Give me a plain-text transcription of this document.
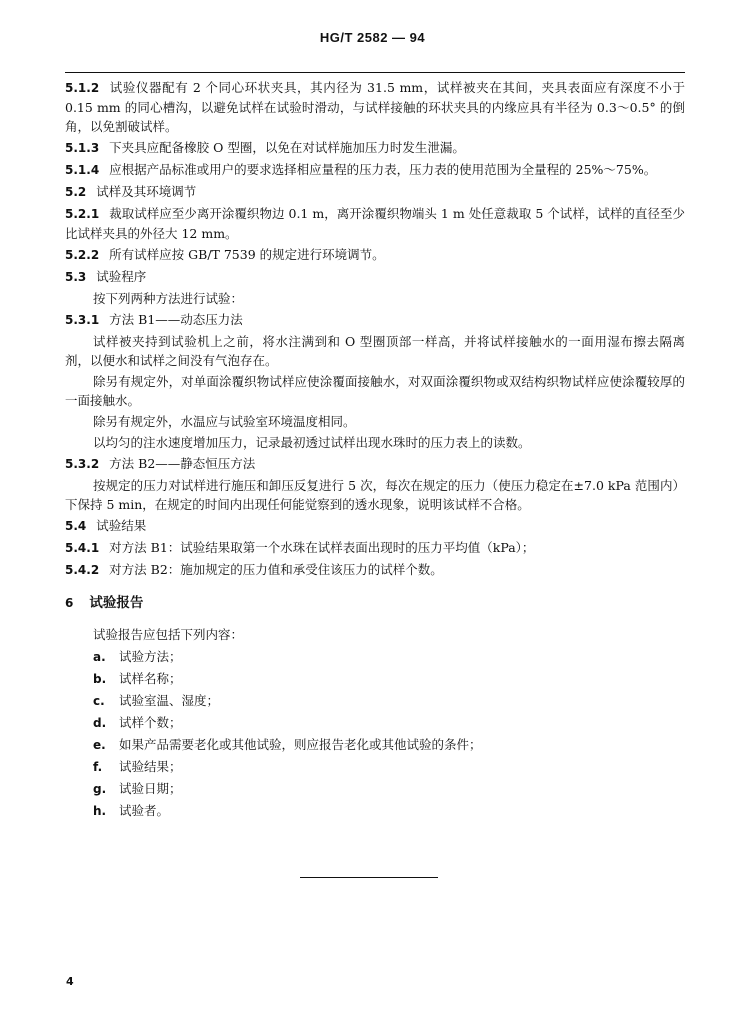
HG/T 2582 — 94

5.1.2 试验仪器配有 2 个同心环状夹具，其内径为 31.5 mm，试样被夹在其间，夹具表面应有深度不小于 0.15 mm 的同心槽沟，以避免试样在试验时滑动，与试样接触的环状夹具的内缘应具有半径为 0.3～0.5° 的倒角，以免割破试样。

5.1.3 下夹具应配备橡胶 O 型圈，以免在对试样施加压力时发生泄漏。

5.1.4 应根据产品标准或用户的要求选择相应量程的压力表，压力表的使用范围为全量程的 25%～75%。

5.2 试样及其环境调节

5.2.1 裁取试样应至少离开涂覆织物边 0.1 m，离开涂覆织物端头 1 m 处任意裁取 5 个试样，试样的直径至少比试样夹具的外径大 12 mm。

5.2.2 所有试样应按 GB/T 7539 的规定进行环境调节。

5.3 试验程序

按下列两种方法进行试验：

5.3.1 方法 B1——动态压力法

试样被夹持到试验机上之前，将水注满到和 O 型圈顶部一样高，并将试样接触水的一面用湿布擦去隔离剂，以便水和试样之间没有气泡存在。

除另有规定外，对单面涂覆织物试样应使涂覆面接触水，对双面涂覆织物或双结构织物试样应使涂覆较厚的一面接触水。

除另有规定外，水温应与试验室环境温度相同。

以均匀的注水速度增加压力，记录最初透过试样出现水珠时的压力表上的读数。

5.3.2 方法 B2——静态恒压方法

按规定的压力对试样进行施压和卸压反复进行 5 次，每次在规定的压力（使压力稳定在±7.0 kPa 范围内）下保持 5 min，在规定的时间内出现任何能觉察到的透水现象，说明该试样不合格。

5.4 试验结果

5.4.1 对方法 B1：试验结果取第一个水珠在试样表面出现时的压力平均值（kPa）；

5.4.2 对方法 B2：施加规定的压力值和承受住该压力的试样个数。

6 试验报告

试验报告应包括下列内容：

a. 试验方法；
b. 试样名称；
c. 试验室温、湿度；
d. 试样个数；
e. 如果产品需要老化或其他试验，则应报告老化或其他试验的条件；
f. 试验结果；
g. 试验日期；
h. 试验者。
4
